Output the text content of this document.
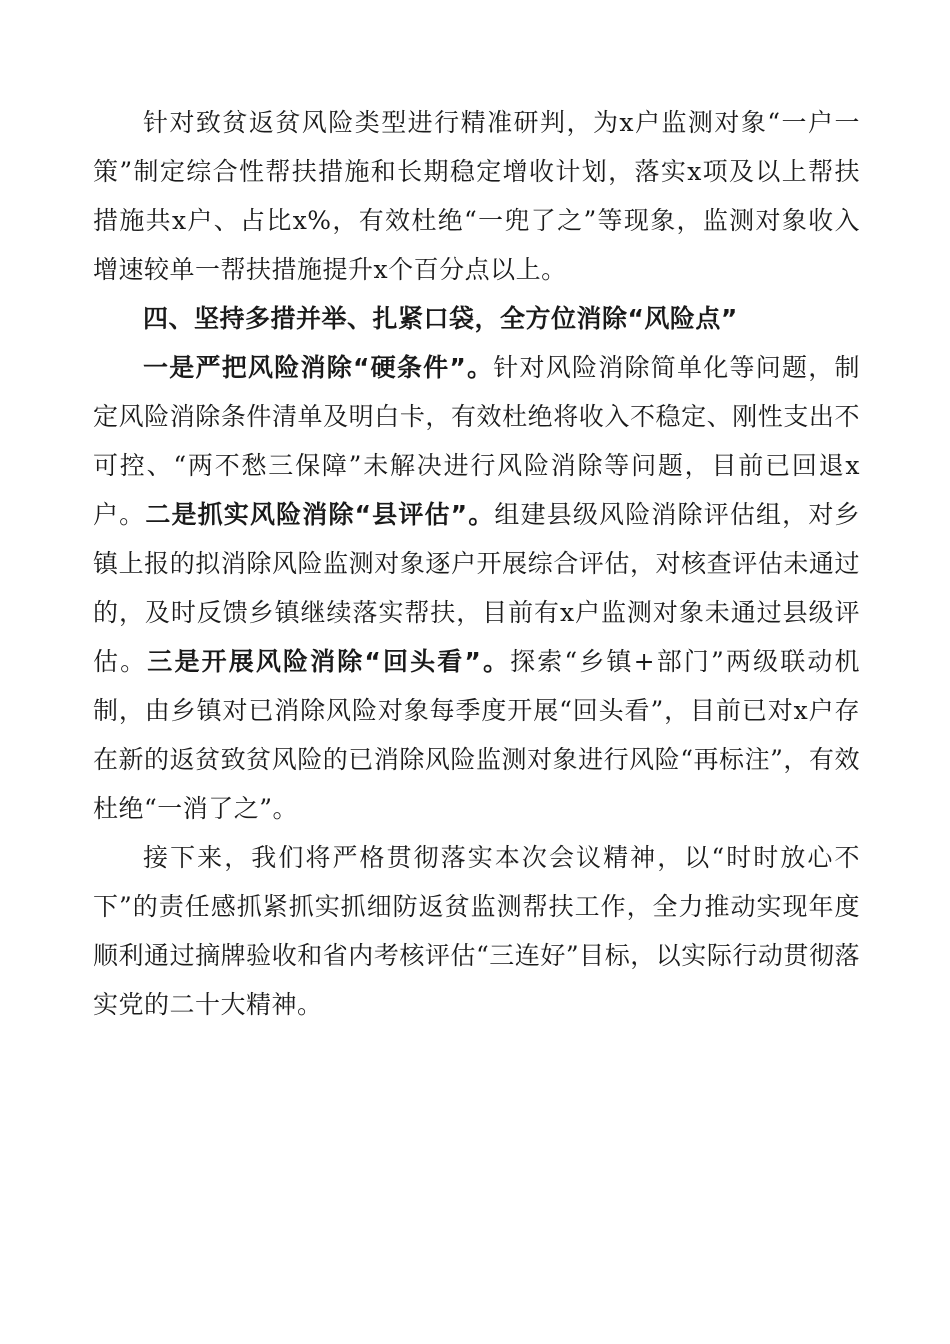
针对致贫返贫风险类型进行精准研判，为x户监测对象“一户一策”制定综合性帮扶措施和长期稳定增收计划，落实x项及以上帮扶措施共x户、占比x%，有效杜绝“一兜了之”等现象，监测对象收入增速较单一帮扶措施提升x个百分点以上。

四、坚持多措并举、扎紧口袋，全方位消除“风险点”

一是严把风险消除“硬条件”。针对风险消除简单化等问题，制定风险消除条件清单及明白卡，有效杜绝将收入不稳定、刚性支出不可控、“两不愁三保障”未解决进行风险消除等问题，目前已回退x户。二是抓实风险消除“县评估”。组建县级风险消除评估组，对乡镇上报的拟消除风险监测对象逐户开展综合评估，对核查评估未通过的，及时反馈乡镇继续落实帮扶，目前有x户监测对象未通过县级评估。三是开展风险消除“回头看”。探索“乡镇+部门”两级联动机制，由乡镇对已消除风险对象每季度开展“回头看”，目前已对x户存在新的返贫致贫风险的已消除风险监测对象进行风险“再标注”，有效杜绝“一消了之”。

接下来，我们将严格贯彻落实本次会议精神，以“时时放心不下”的责任感抓紧抓实抓细防返贫监测帮扶工作，全力推动实现年度顺利通过摘牌验收和省内考核评估“三连好”目标，以实际行动贯彻落实党的二十大精神。
